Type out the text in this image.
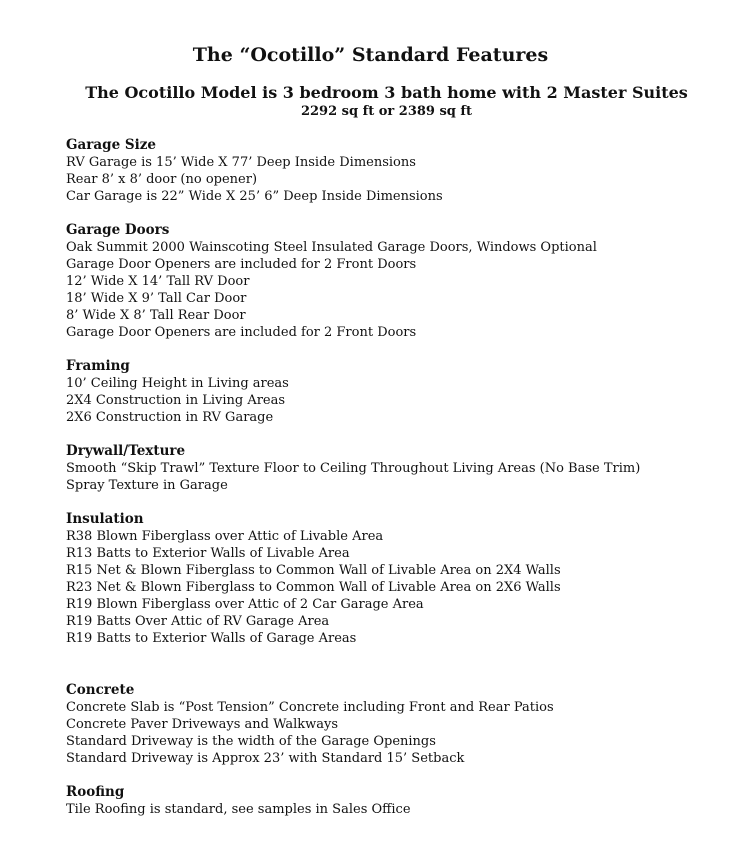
The “Ocotillo” Standard Features
The Ocotillo Model is 3 bedroom 3 bath home with 2 Master Suites
2292 sq ft or 2389 sq ft
Garage Size
RV Garage is 15’ Wide X 77’ Deep Inside Dimensions
Rear 8’ x 8’ door (no opener)
Car Garage is 22” Wide X 25’ 6” Deep Inside Dimensions
Garage Doors
Oak Summit 2000 Wainscoting Steel Insulated Garage Doors, Windows Optional
Garage Door Openers are included for 2 Front Doors
12’ Wide X 14’ Tall RV Door
18’ Wide X 9’ Tall Car Door
8’ Wide X 8’ Tall Rear Door
Garage Door Openers are included for 2 Front Doors
Framing
10’ Ceiling Height in Living areas
2X4 Construction in Living Areas
2X6 Construction in RV Garage
Drywall/Texture
Smooth “Skip Trawl” Texture Floor to Ceiling Throughout Living Areas (No Base Trim)
Spray Texture in Garage
Insulation
R38 Blown Fiberglass over Attic of Livable Area
R13 Batts to Exterior Walls of Livable Area
R15 Net & Blown Fiberglass to Common Wall of Livable Area on 2X4 Walls
R23 Net & Blown Fiberglass to Common Wall of Livable Area on 2X6 Walls
R19 Blown Fiberglass over Attic of 2 Car Garage Area
R19 Batts Over Attic of RV Garage Area
R19 Batts to Exterior Walls of Garage Areas
Concrete
Concrete Slab is “Post Tension” Concrete including Front and Rear Patios
Concrete Paver Driveways and Walkways
Standard Driveway is the width of the Garage Openings
Standard Driveway is Approx 23’ with Standard 15’ Setback
Roofing
Tile Roofing is standard, see samples in Sales Office
